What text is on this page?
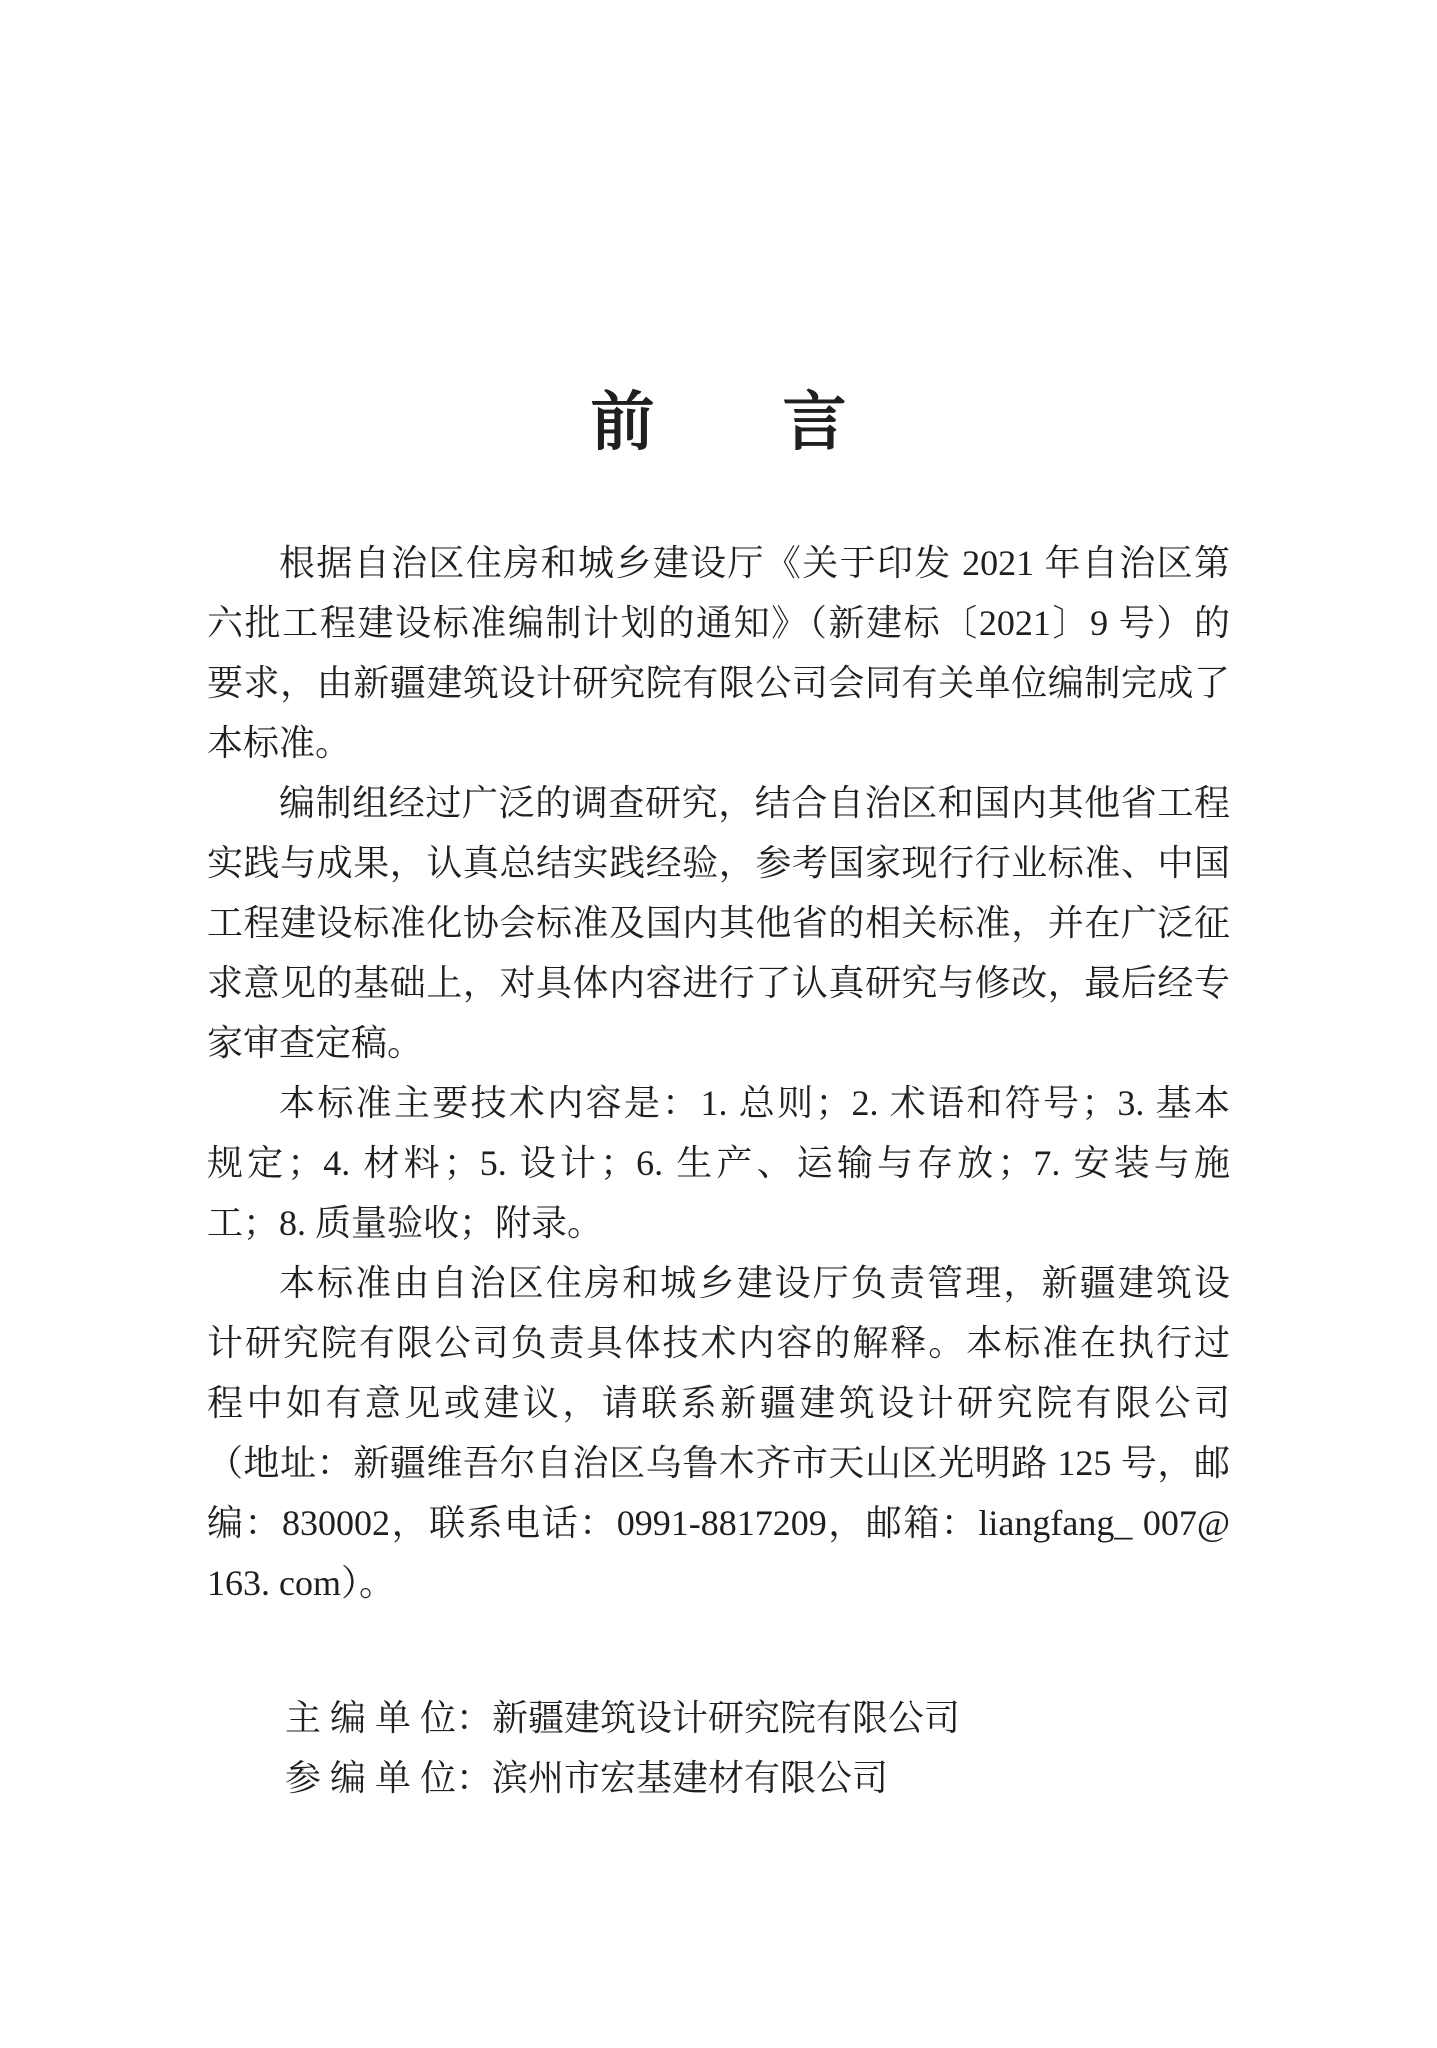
前　　言

根据自治区住房和城乡建设厅《关于印发 2021 年自治区第

六批工程建设标准编制计划的通知》（新建标〔2021〕9 号）的

要求，由新疆建筑设计研究院有限公司会同有关单位编制完成了

本标准。

编制组经过广泛的调查研究，结合自治区和国内其他省工程

实践与成果，认真总结实践经验，参考国家现行行业标准、中国

工程建设标准化协会标准及国内其他省的相关标准，并在广泛征

求意见的基础上，对具体内容进行了认真研究与修改，最后经专

家审查定稿。

本标准主要技术内容是：1. 总则；2. 术语和符号；3. 基本

规定；4. 材料；5. 设计；6. 生产、运输与存放；7. 安装与施

工；8. 质量验收；附录。

本标准由自治区住房和城乡建设厅负责管理，新疆建筑设

计研究院有限公司负责具体技术内容的解释。本标准在执行过

程中如有意见或建议，请联系新疆建筑设计研究院有限公司

（地址：新疆维吾尔自治区乌鲁木齐市天山区光明路 125 号，邮

编：830002，联系电话：0991-8817209，邮箱：liangfang_ 007@

163. com）。

主 编 单 位：新疆建筑设计研究院有限公司

参 编 单 位：滨州市宏基建材有限公司
